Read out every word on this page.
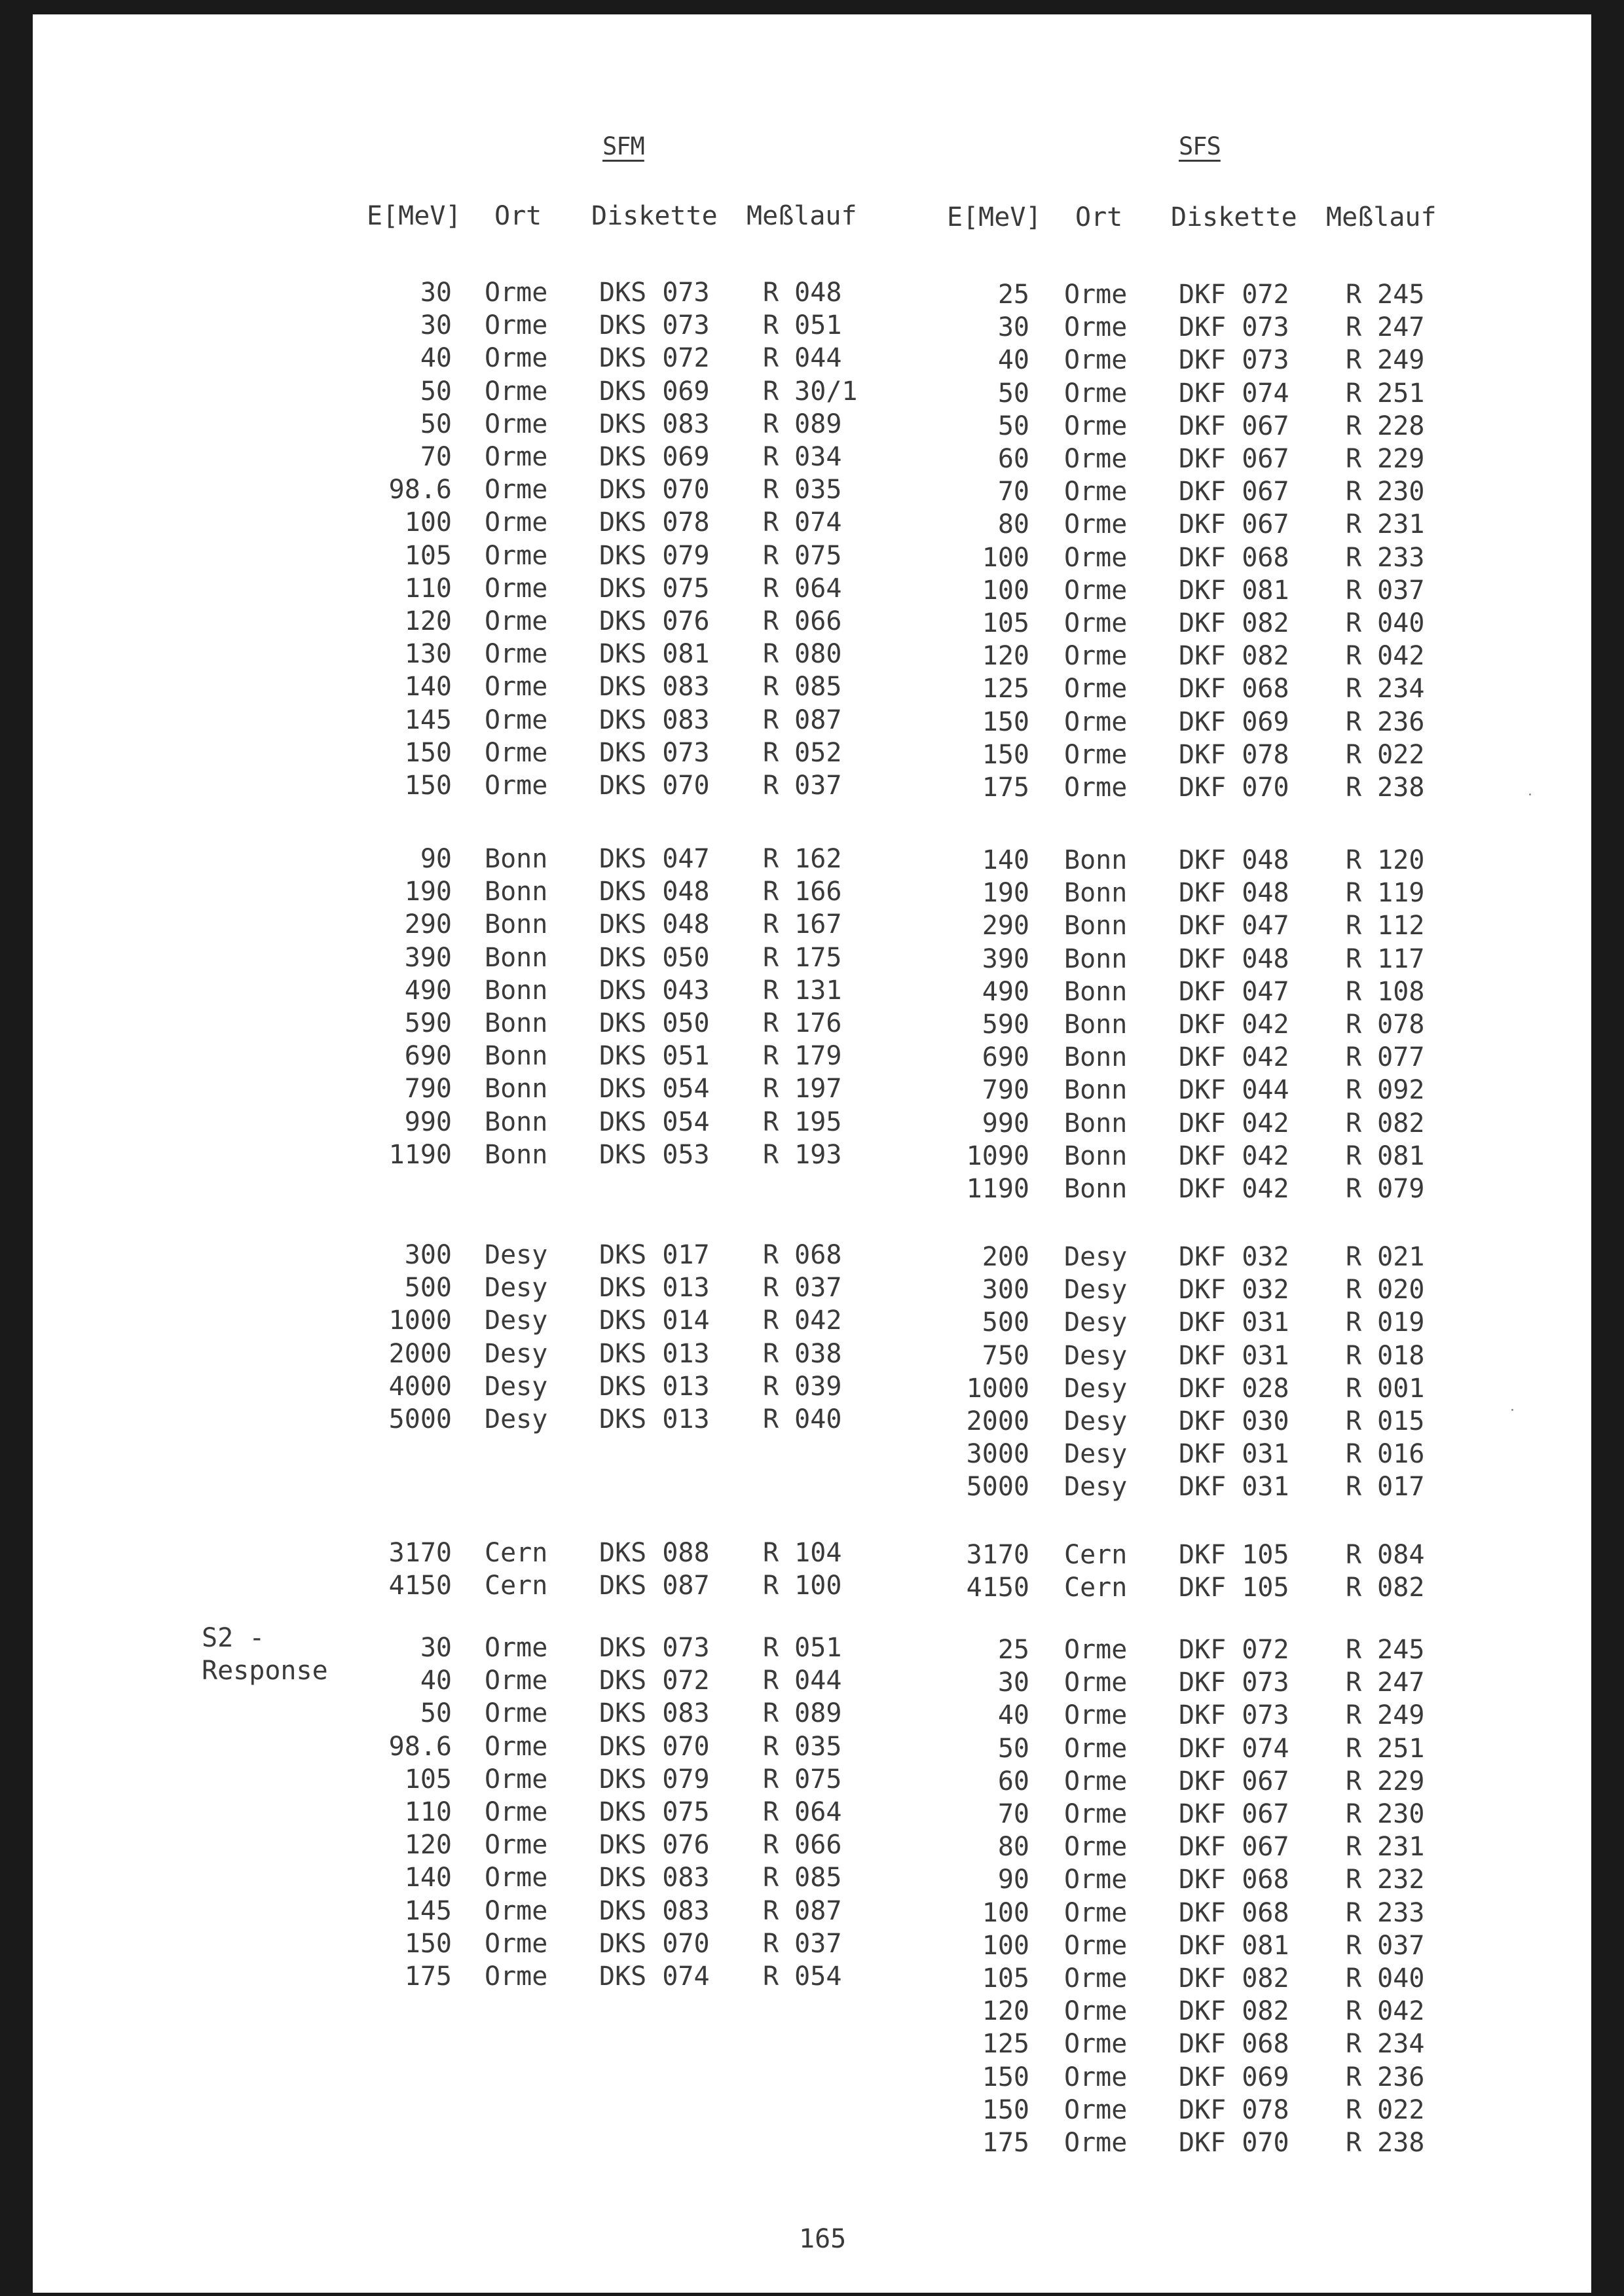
SFM	SFS
E[MeV] Ort Diskette Meßlauf	E[MeV] Ort Diskette Meßlauf
S2 -
Response
165
30 Orme DKS 073 R 048
30 Orme DKS 073 R 051
40 Orme DKS 072 R 044
50 Orme DKS 069 R 30/1
50 Orme DKS 083 R 089
70 Orme DKS 069 R 034
98.6 Orme DKS 070 R 035
100 Orme DKS 078 R 074
105 Orme DKS 079 R 075
110 Orme DKS 075 R 064
120 Orme DKS 076 R 066
130 Orme DKS 081 R 080
140 Orme DKS 083 R 085
145 Orme DKS 083 R 087
150 Orme DKS 073 R 052
150 Orme DKS 070 R 037
90 Bonn DKS 047 R 162
190 Bonn DKS 048 R 166
290 Bonn DKS 048 R 167
390 Bonn DKS 050 R 175
490 Bonn DKS 043 R 131
590 Bonn DKS 050 R 176
690 Bonn DKS 051 R 179
790 Bonn DKS 054 R 197
990 Bonn DKS 054 R 195
1190 Bonn DKS 053 R 193
300 Desy DKS 017 R 068
500 Desy DKS 013 R 037
1000 Desy DKS 014 R 042
2000 Desy DKS 013 R 038
4000 Desy DKS 013 R 039
5000 Desy DKS 013 R 040
3170 Cern DKS 088 R 104
4150 Cern DKS 087 R 100
30 Orme DKS 073 R 051
40 Orme DKS 072 R 044
50 Orme DKS 083 R 089
98.6 Orme DKS 070 R 035
105 Orme DKS 079 R 075
110 Orme DKS 075 R 064
120 Orme DKS 076 R 066
140 Orme DKS 083 R 085
145 Orme DKS 083 R 087
150 Orme DKS 070 R 037
175 Orme DKS 074 R 054
25 Orme DKF 072 R 245
30 Orme DKF 073 R 247
40 Orme DKF 073 R 249
50 Orme DKF 074 R 251
50 Orme DKF 067 R 228
60 Orme DKF 067 R 229
70 Orme DKF 067 R 230
80 Orme DKF 067 R 231
100 Orme DKF 068 R 233
100 Orme DKF 081 R 037
105 Orme DKF 082 R 040
120 Orme DKF 082 R 042
125 Orme DKF 068 R 234
150 Orme DKF 069 R 236
150 Orme DKF 078 R 022
175 Orme DKF 070 R 238
140 Bonn DKF 048 R 120
190 Bonn DKF 048 R 119
290 Bonn DKF 047 R 112
390 Bonn DKF 048 R 117
490 Bonn DKF 047 R 108
590 Bonn DKF 042 R 078
690 Bonn DKF 042 R 077
790 Bonn DKF 044 R 092
990 Bonn DKF 042 R 082
1090 Bonn DKF 042 R 081
1190 Bonn DKF 042 R 079
200 Desy DKF 032 R 021
300 Desy DKF 032 R 020
500 Desy DKF 031 R 019
750 Desy DKF 031 R 018
1000 Desy DKF 028 R 001
2000 Desy DKF 030 R 015
3000 Desy DKF 031 R 016
5000 Desy DKF 031 R 017
3170 Cern DKF 105 R 084
4150 Cern DKF 105 R 082
25 Orme DKF 072 R 245
30 Orme DKF 073 R 247
40 Orme DKF 073 R 249
50 Orme DKF 074 R 251
60 Orme DKF 067 R 229
70 Orme DKF 067 R 230
80 Orme DKF 067 R 231
90 Orme DKF 068 R 232
100 Orme DKF 068 R 233
100 Orme DKF 081 R 037
105 Orme DKF 082 R 040
120 Orme DKF 082 R 042
125 Orme DKF 068 R 234
150 Orme DKF 069 R 236
150 Orme DKF 078 R 022
175 Orme DKF 070 R 238
